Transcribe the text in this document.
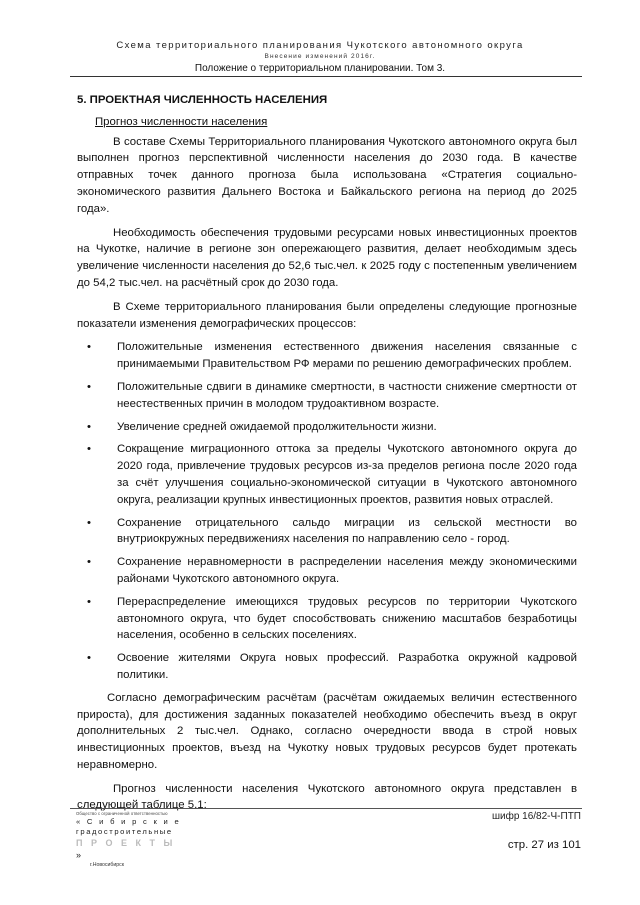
Схема территориального планирования Чукотского автономного округа
Внесение изменений 2016г.
Положение о территориальном планировании. Том 3.
5. ПРОЕКТНАЯ ЧИСЛЕННОСТЬ НАСЕЛЕНИЯ
Прогноз численности населения

В составе Схемы Территориального планирования Чукотского автономного округа был выполнен прогноз перспективной численности населения до 2030 года. В качестве отправных точек данного прогноза была использована «Стратегия социально-экономического развития Дальнего Востока и Байкальского региона на период до 2025 года».

Необходимость обеспечения трудовыми ресурсами новых инвестиционных проектов на Чукотке, наличие в регионе зон опережающего развития, делает необходимым здесь увеличение численности населения до 52,6 тыс.чел. к 2025 году с постепенным увеличением до 54,2 тыс.чел. на расчётный срок до 2030 года.

В Схеме территориального планирования были определены следующие прогнозные показатели изменения демографических процессов:

• Положительные изменения естественного движения населения связанные с принимаемыми Правительством РФ мерами по решению демографических проблем.
• Положительные сдвиги в динамике смертности, в частности снижение смертности от неестественных причин в молодом трудоактивном возрасте.
• Увеличение средней ожидаемой продолжительности жизни.
• Сокращение миграционного оттока за пределы Чукотского автономного округа до 2020 года, привлечение трудовых ресурсов из-за пределов региона после 2020 года за счёт улучшения социально-экономической ситуации в Чукотского автономного округа, реализации крупных инвестиционных проектов, развития новых отраслей.
• Сохранение отрицательного сальдо миграции из сельской местности во внутриокружных передвижениях населения по направлению село - город.
• Сохранение неравномерности в распределении населения между экономическими районами Чукотского автономного округа.
• Перераспределение имеющихся трудовых ресурсов по территории Чукотского автономного округа, что будет способствовать снижению масштабов безработицы населения, особенно в сельских поселениях.
• Освоение жителями Округа новых профессий. Разработка окружной кадровой политики.

Согласно демографическим расчётам (расчётам ожидаемых величин естественного прироста), для достижения заданных показателей необходимо обеспечить въезд в округ дополнительных 2 тыс.чел. Однако, согласно очередности ввода в строй новых инвестиционных проектов, въезд на Чукотку новых трудовых ресурсов будет протекать неравномерно.

Прогноз численности населения Чукотского автономного округа представлен в следующей таблице 5.1:

Общество с ограниченной ответственностью
« С и б и р с к и е
градостроительные
П Р О Е К Т Ы »
г.Новосибирск
шифр 16/82-Ч-ПТП
стр. 27 из 101
